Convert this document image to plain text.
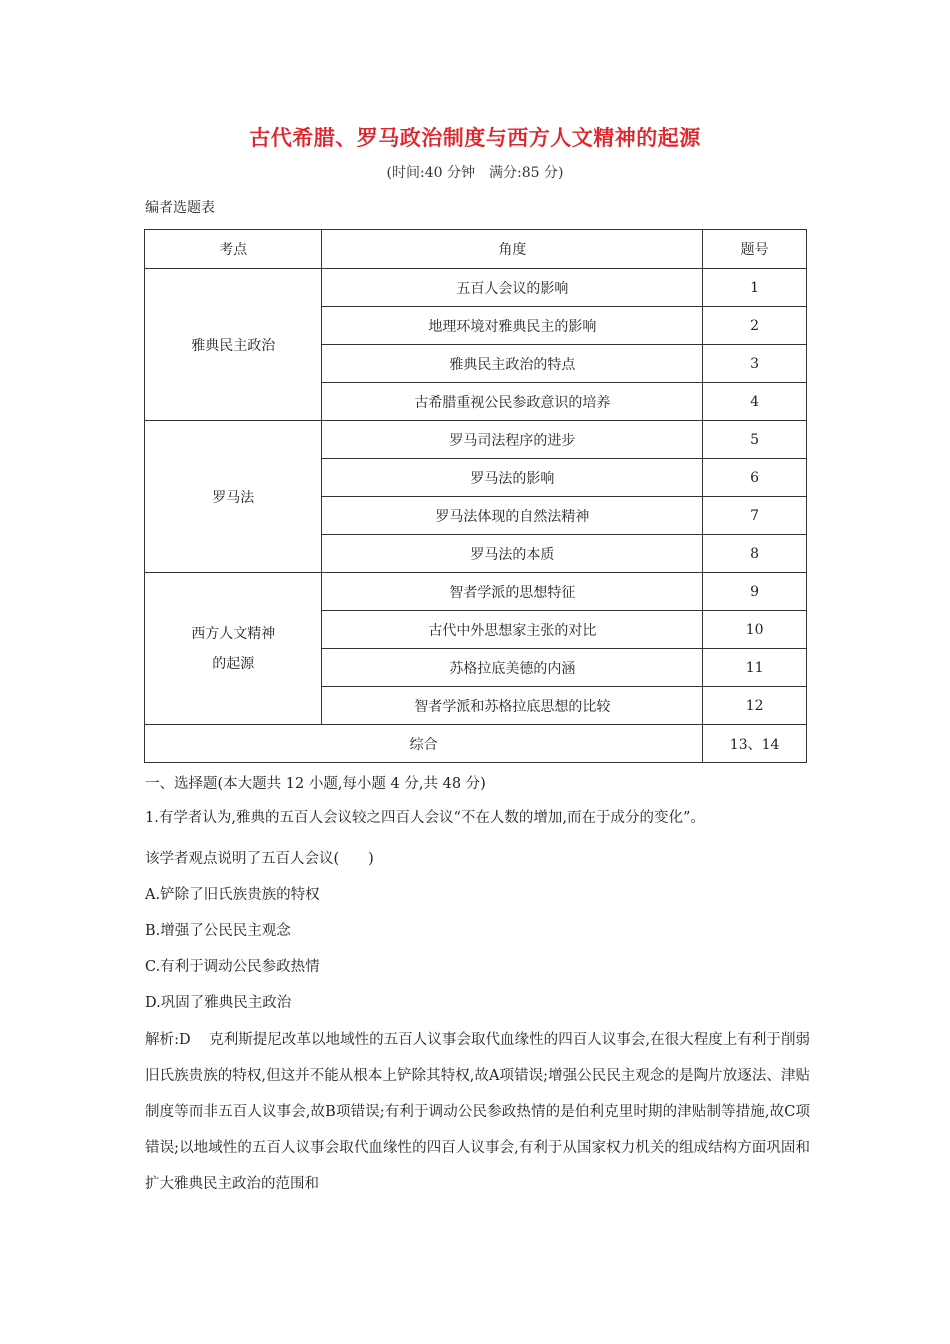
古代希腊、罗马政治制度与西方人文精神的起源
(时间:40 分钟　满分:85 分)
编者选题表
考点	角度	题号
雅典民主政治	五百人会议的影响	1
	地理环境对雅典民主的影响	2
	雅典民主政治的特点	3
	古希腊重视公民参政意识的培养	4
罗马法	罗马司法程序的进步	5
	罗马法的影响	6
	罗马法体现的自然法精神	7
	罗马法的本质	8

西方人文精神
的起源	智者学派的思想特征	9
	古代中外思想家主张的对比	10
	苏格拉底美德的内涵	11
	智者学派和苏格拉底思想的比较	12
综合		13、14
一、选择题(本大题共 12 小题,每小题 4 分,共 48 分)
1.有学者认为,雅典的五百人会议较之四百人会议“不在人数的增加,而在于成分的变化”。
该学者观点说明了五百人会议(　　)
A.铲除了旧氏族贵族的特权
B.增强了公民民主观念
C.有利于调动公民参政热情
D.巩固了雅典民主政治
解析:D　 克利斯提尼改革以地域性的五百人议事会取代血缘性的四百人议事会,在很大程度上有利于削弱旧氏族贵族的特权,但这并不能从根本上铲除其特权,故A项错误;增强公民民主观念的是陶片放逐法、津贴制度等而非五百人议事会,故B项错误;有利于调动公民参政热情的是伯利克里时期的津贴制等措施,故C项错误;以地域性的五百人议事会取代血缘性的四百人议事会,有利于从国家权力机关的组成结构方面巩固和扩大雅典民主政治的范围和
